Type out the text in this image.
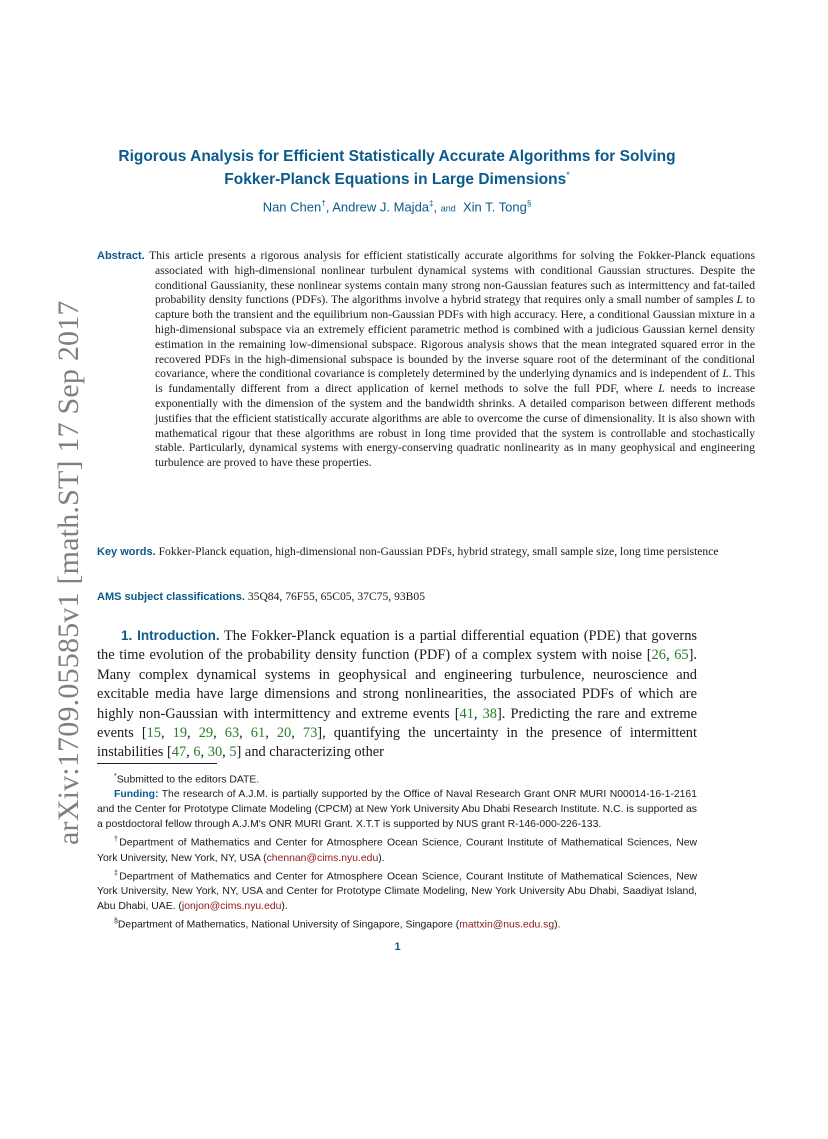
arXiv:1709.05585v1 [math.ST] 17 Sep 2017
Rigorous Analysis for Efficient Statistically Accurate Algorithms for Solving
Fokker-Planck Equations in Large Dimensions*
Nan Chen†, Andrew J. Majda‡, and Xin T. Tong§
Abstract. This article presents a rigorous analysis for efficient statistically accurate algorithms for solving the Fokker-Planck equations associated with high-dimensional nonlinear turbulent dynamical systems with conditional Gaussian structures. Despite the conditional Gaussianity, these nonlinear systems contain many strong non-Gaussian features such as intermittency and fat-tailed probability density functions (PDFs). The algorithms involve a hybrid strategy that requires only a small number of samples L to capture both the transient and the equilibrium non-Gaussian PDFs with high accuracy. Here, a conditional Gaussian mixture in a high-dimensional subspace via an extremely efficient parametric method is combined with a judicious Gaussian kernel density estimation in the remaining low-dimensional subspace. Rigorous analysis shows that the mean integrated squared error in the recovered PDFs in the high-dimensional subspace is bounded by the inverse square root of the determinant of the conditional covariance, where the conditional covariance is completely determined by the underlying dynamics and is independent of L. This is fundamentally different from a direct application of kernel methods to solve the full PDF, where L needs to increase exponentially with the dimension of the system and the bandwidth shrinks. A detailed comparison between different methods justifies that the efficient statistically accurate algorithms are able to overcome the curse of dimensionality. It is also shown with mathematical rigour that these algorithms are robust in long time provided that the system is controllable and stochastically stable. Particularly, dynamical systems with energy-conserving quadratic nonlinearity as in many geophysical and engineering turbulence are proved to have these properties.
Key words. Fokker-Planck equation, high-dimensional non-Gaussian PDFs, hybrid strategy, small sample size, long time persistence
AMS subject classifications. 35Q84, 76F55, 65C05, 37C75, 93B05
1. Introduction. The Fokker-Planck equation is a partial differential equation (PDE) that governs the time evolution of the probability density function (PDF) of a complex system with noise [26, 65]. Many complex dynamical systems in geophysical and engineering turbulence, neuroscience and excitable media have large dimensions and strong nonlinearities, the associated PDFs of which are highly non-Gaussian with intermittency and extreme events [41, 38]. Predicting the rare and extreme events [15, 19, 29, 63, 61, 20, 73], quantifying the uncertainty in the presence of intermittent instabilities [47, 6, 30, 5] and characterizing other

*Submitted to the editors DATE.

Funding: The research of A.J.M. is partially supported by the Office of Naval Research Grant ONR MURI N00014-16-1-2161 and the Center for Prototype Climate Modeling (CPCM) at New York University Abu Dhabi Research Institute. N.C. is supported as a postdoctoral fellow through A.J.M's ONR MURI Grant. X.T.T is supported by NUS grant R-146-000-226-133.

†Department of Mathematics and Center for Atmosphere Ocean Science, Courant Institute of Mathematical Sciences, New York University, New York, NY, USA (chennan@cims.nyu.edu).

‡Department of Mathematics and Center for Atmosphere Ocean Science, Courant Institute of Mathematical Sciences, New York University, New York, NY, USA and Center for Prototype Climate Modeling, New York University Abu Dhabi, Saadiyat Island, Abu Dhabi, UAE. (jonjon@cims.nyu.edu).

§Department of Mathematics, National University of Singapore, Singapore (mattxin@nus.edu.sg).

1
